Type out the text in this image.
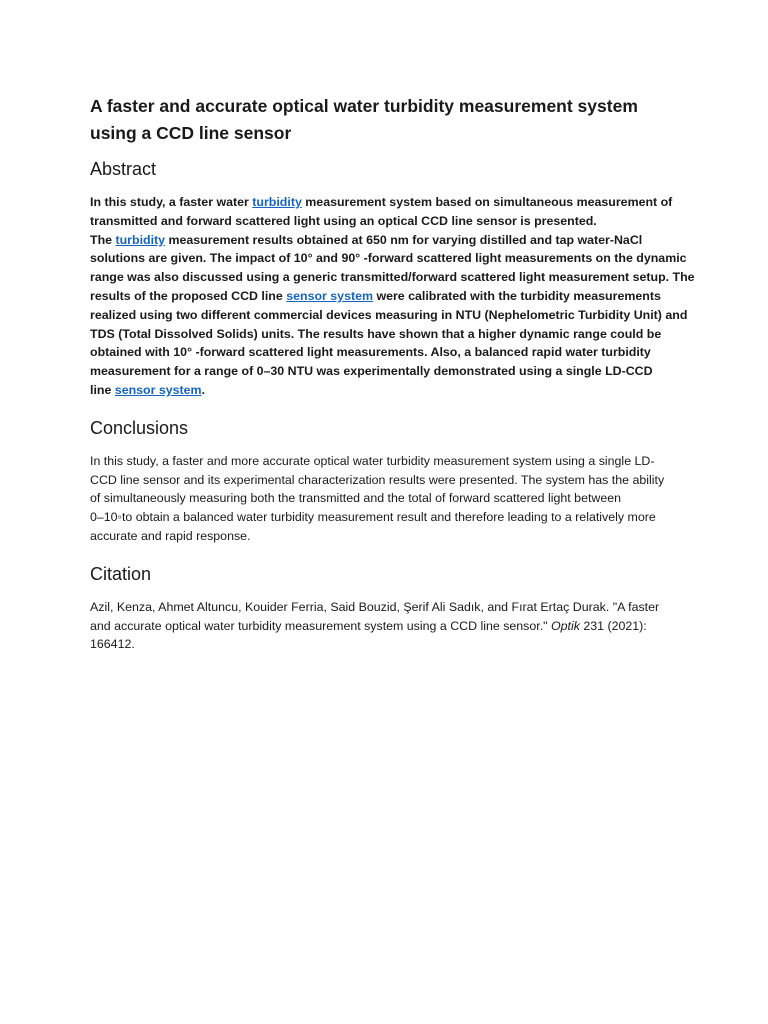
A faster and accurate optical water turbidity measurement system
using a CCD line sensor
Abstract

In this study, a faster water turbidity measurement system based on simultaneous measurement of
transmitted and forward scattered light using an optical CCD line sensor is presented.
The turbidity measurement results obtained at 650 nm for varying distilled and tap water-NaCl
solutions are given. The impact of 10° and 90° -forward scattered light measurements on the dynamic
range was also discussed using a generic transmitted/forward scattered light measurement setup. The
results of the proposed CCD line sensor system were calibrated with the turbidity measurements
realized using two different commercial devices measuring in NTU (Nephelometric Turbidity Unit) and
TDS (Total Dissolved Solids) units. The results have shown that a higher dynamic range could be
obtained with 10° -forward scattered light measurements. Also, a balanced rapid water turbidity
measurement for a range of 0–30 NTU was experimentally demonstrated using a single LD-CCD
line sensor system.

Conclusions

In this study, a faster and more accurate optical water turbidity measurement system using a single LD-
CCD line sensor and its experimental characterization results were presented. The system has the ability
of simultaneously measuring both the transmitted and the total of forward scattered light between
0–10◦to obtain a balanced water turbidity measurement result and therefore leading to a relatively more
accurate and rapid response.

Citation

Azil, Kenza, Ahmet Altuncu, Kouider Ferria, Said Bouzid, Şerif Ali Sadık, and Fırat Ertaç Durak. "A faster
and accurate optical water turbidity measurement system using a CCD line sensor." Optik 231 (2021):
166412.
